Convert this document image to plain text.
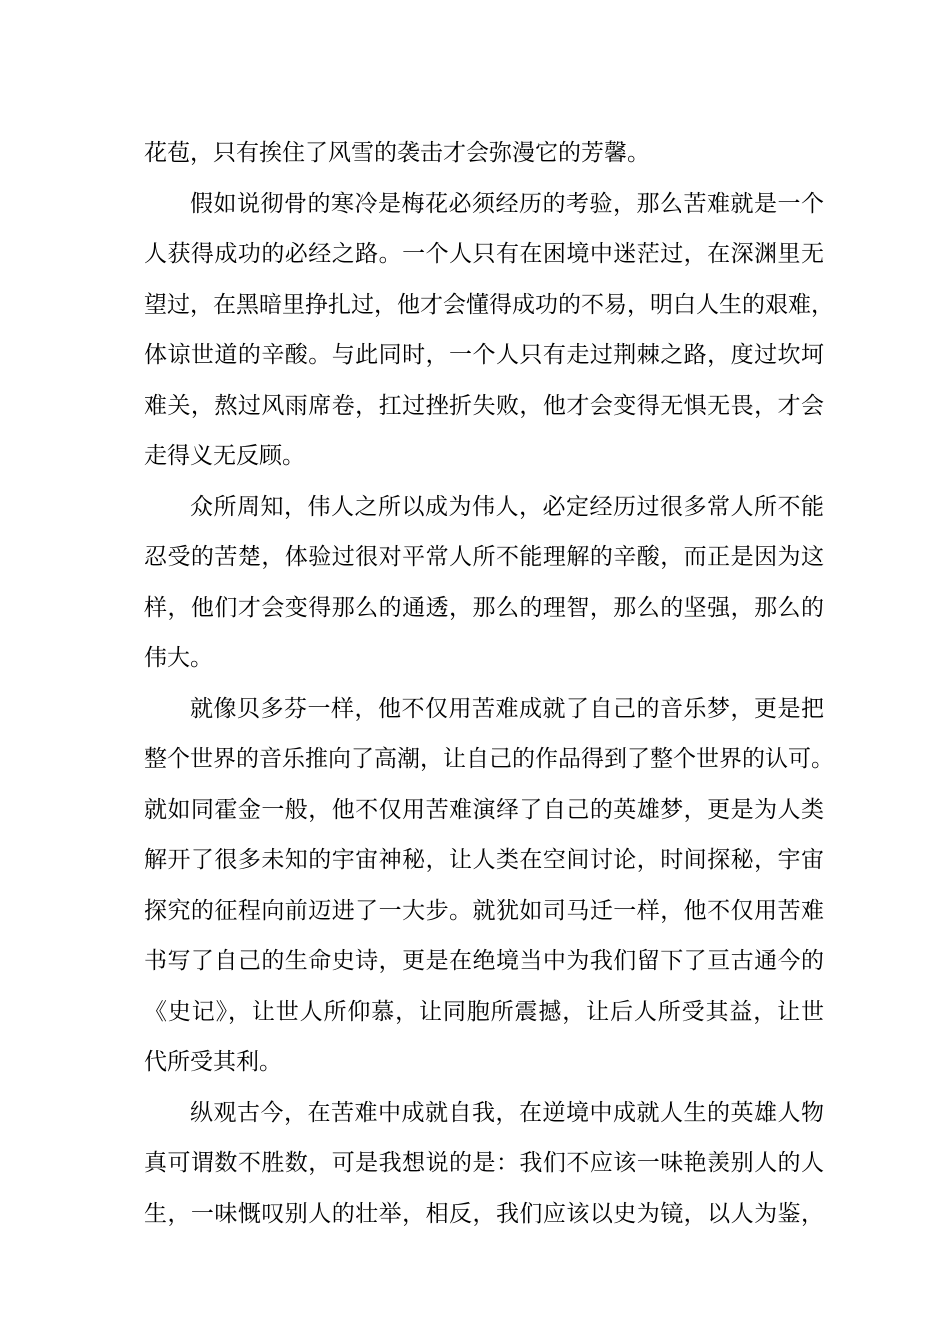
花苞，只有挨住了风雪的袭击才会弥漫它的芳馨。
假如说彻骨的寒冷是梅花必须经历的考验，那么苦难就是一个
人获得成功的必经之路。一个人只有在困境中迷茫过，在深渊里无
望过，在黑暗里挣扎过，他才会懂得成功的不易，明白人生的艰难，
体谅世道的辛酸。与此同时，一个人只有走过荆棘之路，度过坎坷
难关，熬过风雨席卷，扛过挫折失败，他才会变得无惧无畏，才会
走得义无反顾。
众所周知，伟人之所以成为伟人，必定经历过很多常人所不能
忍受的苦楚，体验过很对平常人所不能理解的辛酸，而正是因为这
样，他们才会变得那么的通透，那么的理智，那么的坚强，那么的
伟大。
就像贝多芬一样，他不仅用苦难成就了自己的音乐梦，更是把
整个世界的音乐推向了高潮，让自己的作品得到了整个世界的认可。
就如同霍金一般，他不仅用苦难演绎了自己的英雄梦，更是为人类
解开了很多未知的宇宙神秘，让人类在空间讨论，时间探秘，宇宙
探究的征程向前迈进了一大步。就犹如司马迁一样，他不仅用苦难
书写了自己的生命史诗，更是在绝境当中为我们留下了亘古通今的
《史记》，让世人所仰慕，让同胞所震撼，让后人所受其益，让世
代所受其利。
纵观古今，在苦难中成就自我，在逆境中成就人生的英雄人物
真可谓数不胜数，可是我想说的是：我们不应该一味艳羡别人的人
生，一味慨叹别人的壮举，相反，我们应该以史为镜，以人为鉴，
